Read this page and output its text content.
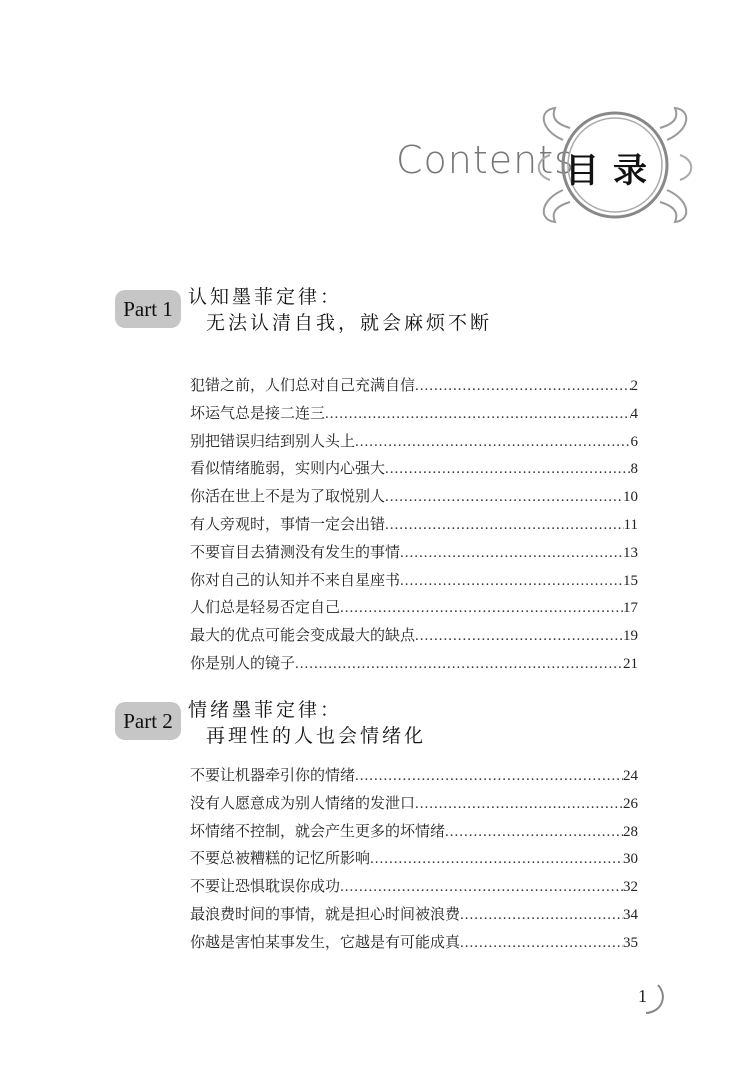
Contents
目录
Part 1 认知墨菲定律：
无法认清自我，就会麻烦不断
犯错之前，人们总对自己充满自信 .....	2
坏运气总是接二连三 .....	4
别把错误归结到别人头上 .....	6
看似情绪脆弱，实则内心强大 .....	8
你活在世上不是为了取悦别人 .....	10
有人旁观时，事情一定会出错 .....	11
不要盲目去猜测没有发生的事情 .....	13
你对自己的认知并不来自星座书 .....	15
人们总是轻易否定自己 .....	17
最大的优点可能会变成最大的缺点 .....	19
你是别人的镜子 .....	21
Part 2 情绪墨菲定律：
再理性的人也会情绪化
不要让机器牵引你的情绪 .....	24
没有人愿意成为别人情绪的发泄口 .....	26
坏情绪不控制，就会产生更多的坏情绪 .....	28
不要总被糟糕的记忆所影响 .....	30
不要让恐惧耽误你成功 .....	32
最浪费时间的事情，就是担心时间被浪费 .....	34
你越是害怕某事发生，它越是有可能成真 .....	35
1
